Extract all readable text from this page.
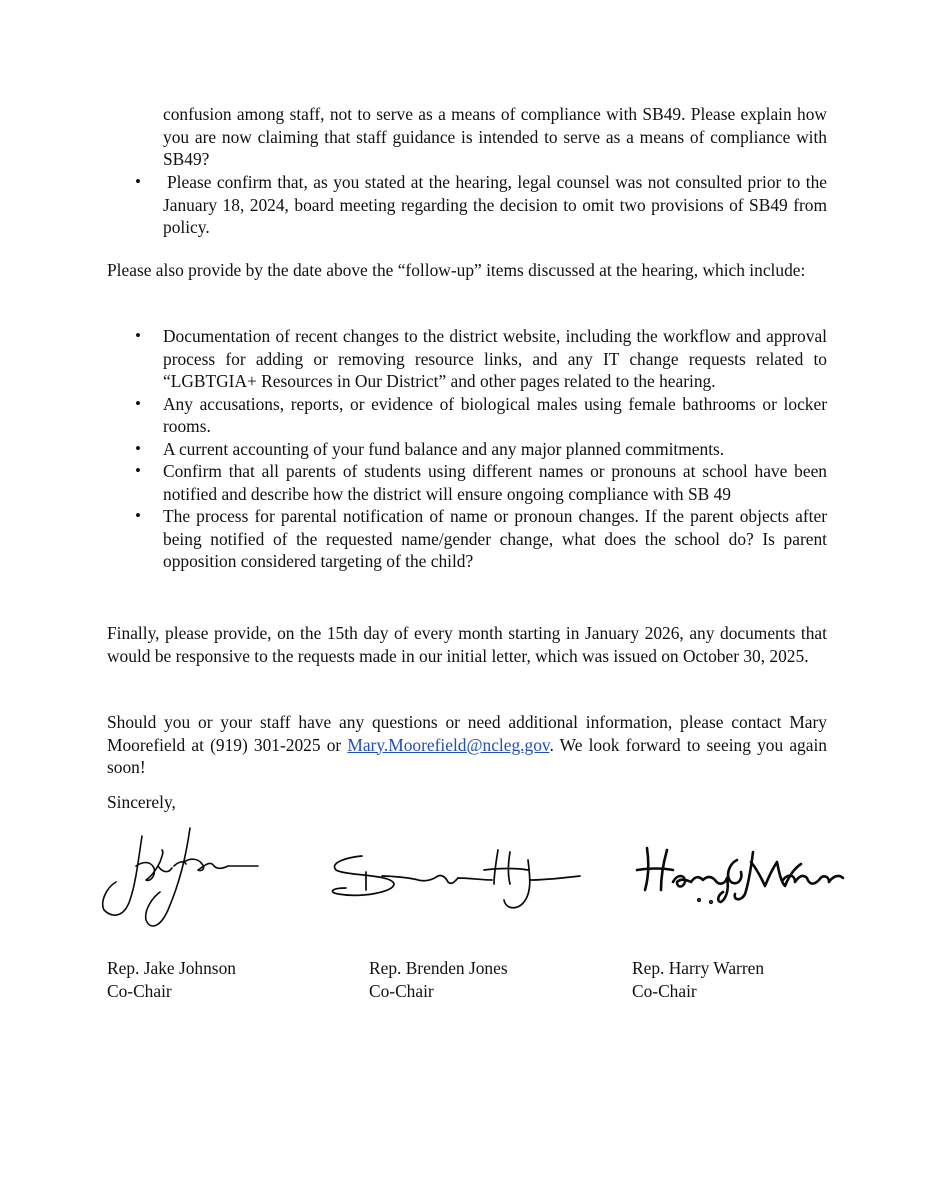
confusion among staff, not to serve as a means of compliance with SB49. Please explain how you are now claiming that staff guidance is intended to serve as a means of compliance with SB49?
• Please confirm that, as you stated at the hearing, legal counsel was not consulted prior to the January 18, 2024, board meeting regarding the decision to omit two provisions of SB49 from policy.

Please also provide by the date above the “follow-up” items discussed at the hearing, which include:

• Documentation of recent changes to the district website, including the workflow and approval process for adding or removing resource links, and any IT change requests related to “LGBTGIA+ Resources in Our District” and other pages related to the hearing.
• Any accusations, reports, or evidence of biological males using female bathrooms or locker rooms.
• A current accounting of your fund balance and any major planned commitments.
• Confirm that all parents of students using different names or pronouns at school have been notified and describe how the district will ensure ongoing compliance with SB 49
• The process for parental notification of name or pronoun changes. If the parent objects after being notified of the requested name/gender change, what does the school do? Is parent opposition considered targeting of the child?

Finally, please provide, on the 15th day of every month starting in January 2026, any documents that would be responsive to the requests made in our initial letter, which was issued on October 30, 2025.

Should you or your staff have any questions or need additional information, please contact Mary Moorefield at (919) 301-2025 or Mary.Moorefield@ncleg.gov. We look forward to seeing you again soon!

Sincerely,

Rep. Jake Johnson
Co-Chair
Rep. Brenden Jones
Co-Chair
Rep. Harry Warren
Co-Chair
